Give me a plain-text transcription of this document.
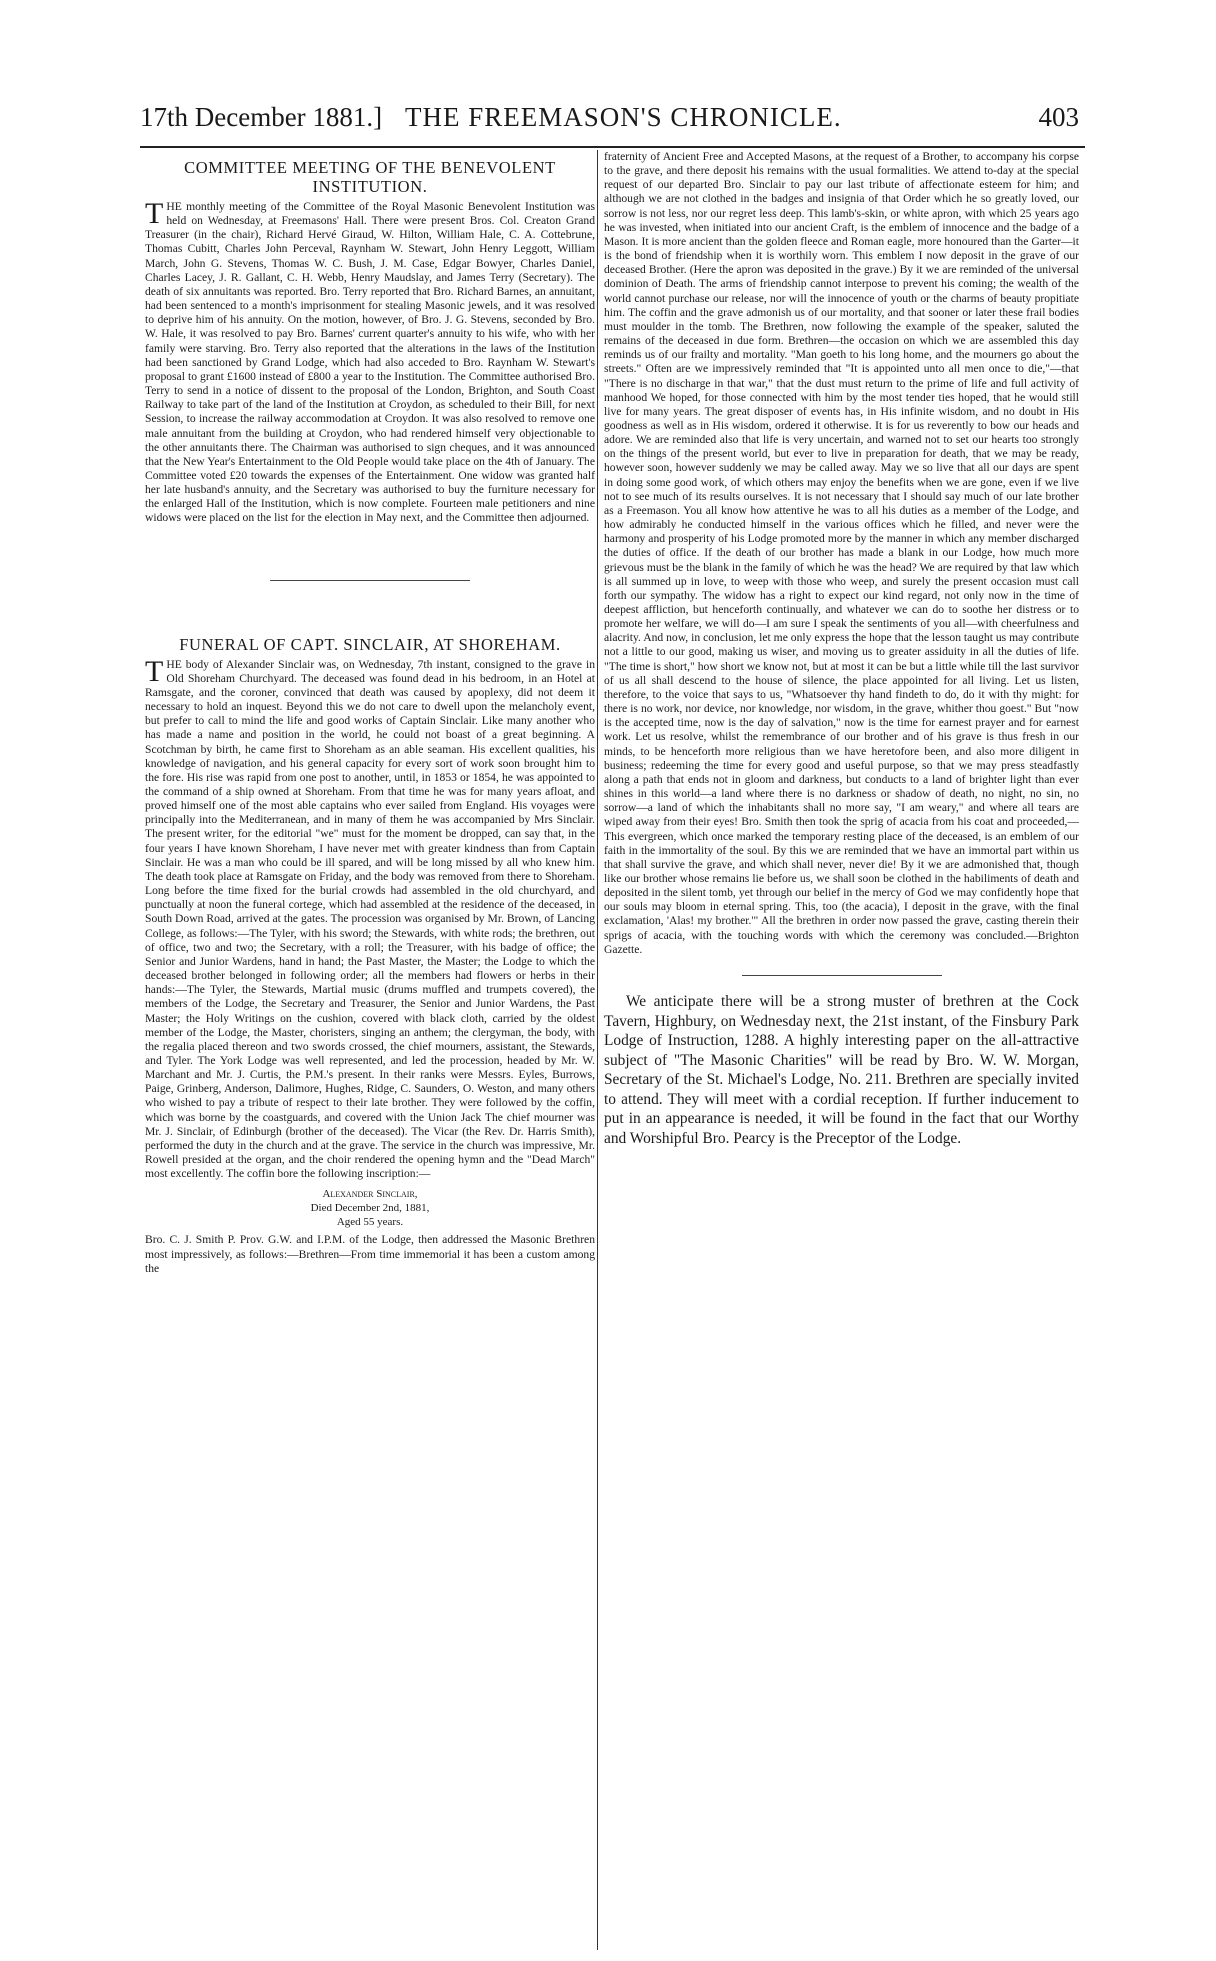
17th December 1881.] THE FREEMASON'S CHRONICLE.	403
COMMITTEE MEETING OF THE BENEVOLENT INSTITUTION.

THE monthly meeting of the Committee of the Royal Masonic Benevolent Institution was held on Wednesday, at Freemasons' Hall. There were present Bros. Col. Creaton Grand Treasurer (in the chair), Richard Hervé Giraud, W. Hilton, William Hale, C. A. Cottebrune, Thomas Cubitt, Charles John Perceval, Raynham W. Stewart, John Henry Leggott, William March, John G. Stevens, Thomas W. C. Bush, J. M. Case, Edgar Bowyer, Charles Daniel, Charles Lacey, J. R. Gallant, C. H. Webb, Henry Maudslay, and James Terry (Secretary). The death of six annuitants was reported. Bro. Terry reported that Bro. Richard Barnes, an annuitant, had been sentenced to a month's imprisonment for stealing Masonic jewels, and it was resolved to deprive him of his annuity. On the motion, however, of Bro. J. G. Stevens, seconded by Bro. W. Hale, it was resolved to pay Bro. Barnes' current quarter's annuity to his wife, who with her family were starving. Bro. Terry also reported that the alterations in the laws of the Institution had been sanctioned by Grand Lodge, which had also acceded to Bro. Raynham W. Stewart's proposal to grant £1600 instead of £800 a year to the Institution. The Committee authorised Bro. Terry to send in a notice of dissent to the proposal of the London, Brighton, and South Coast Railway to take part of the land of the Institution at Croydon, as scheduled to their Bill, for next Session, to increase the railway accommodation at Croydon. It was also resolved to remove one male annuitant from the building at Croydon, who had rendered himself very objectionable to the other annuitants there. The Chairman was authorised to sign cheques, and it was announced that the New Year's Entertainment to the Old People would take place on the 4th of January. The Committee voted £20 towards the expenses of the Entertainment. One widow was granted half her late husband's annuity, and the Secretary was authorised to buy the furniture necessary for the enlarged Hall of the Institution, which is now complete. Fourteen male petitioners and nine widows were placed on the list for the election in May next, and the Committee then adjourned.

FUNERAL OF CAPT. SINCLAIR, AT SHOREHAM.

THE body of Alexander Sinclair was, on Wednesday, 7th instant, consigned to the grave in Old Shoreham Churchyard. The deceased was found dead in his bedroom, in an Hotel at Ramsgate, and the coroner, convinced that death was caused by apoplexy, did not deem it necessary to hold an inquest. Beyond this we do not care to dwell upon the melancholy event, but prefer to call to mind the life and good works of Captain Sinclair. Like many another who has made a name and position in the world, he could not boast of a great beginning. A Scotchman by birth, he came first to Shoreham as an able seaman. His excellent qualities, his knowledge of navigation, and his general capacity for every sort of work soon brought him to the fore. His rise was rapid from one post to another, until, in 1853 or 1854, he was appointed to the command of a ship owned at Shoreham. From that time he was for many years afloat, and proved himself one of the most able captains who ever sailed from England. His voyages were principally into the Mediterranean, and in many of them he was accompanied by Mrs Sinclair. The present writer, for the editorial "we" must for the moment be dropped, can say that, in the four years I have known Shoreham, I have never met with greater kindness than from Captain Sinclair. He was a man who could be ill spared, and will be long missed by all who knew him. The death took place at Ramsgate on Friday, and the body was removed from there to Shoreham. Long before the time fixed for the burial crowds had assembled in the old churchyard, and punctually at noon the funeral cortege, which had assembled at the residence of the deceased, in South Down Road, arrived at the gates. The procession was organised by Mr. Brown, of Lancing College, as follows:—The Tyler, with his sword; the Stewards, with white rods; the brethren, out of office, two and two; the Secretary, with a roll; the Treasurer, with his badge of office; the Senior and Junior Wardens, hand in hand; the Past Master, the Master; the Lodge to which the deceased brother belonged in following order; all the members had flowers or herbs in their hands:—The Tyler, the Stewards, Martial music (drums muffled and trumpets covered), the members of the Lodge, the Secretary and Treasurer, the Senior and Junior Wardens, the Past Master; the Holy Writings on the cushion, covered with black cloth, carried by the oldest member of the Lodge, the Master, choristers, singing an anthem; the clergyman, the body, with the regalia placed thereon and two swords crossed, the chief mourners, assistant, the Stewards, and Tyler. The York Lodge was well represented, and led the procession, headed by Mr. W. Marchant and Mr. J. Curtis, the P.M.'s present. In their ranks were Messrs. Eyles, Burrows, Paige, Grinberg, Anderson, Dalimore, Hughes, Ridge, C. Saunders, O. Weston, and many others who wished to pay a tribute of respect to their late brother. They were followed by the coffin, which was borne by the coastguards, and covered with the Union Jack The chief mourner was Mr. J. Sinclair, of Edinburgh (brother of the deceased). The Vicar (the Rev. Dr. Harris Smith), performed the duty in the church and at the grave. The service in the church was impressive, Mr. Rowell presided at the organ, and the choir rendered the opening hymn and the "Dead March" most excellently. The coffin bore the following inscription:—

Alexander Sinclair,
Died December 2nd, 1881,
Aged 55 years.

Bro. C. J. Smith P. Prov. G.W. and I.P.M. of the Lodge, then addressed the Masonic Brethren most impressively, as follows:—Brethren—From time immemorial it has been a custom among the

fraternity of Ancient Free and Accepted Masons, at the request of a Brother, to accompany his corpse to the grave, and there deposit his remains with the usual formalities. We attend to-day at the special request of our departed Bro. Sinclair to pay our last tribute of affectionate esteem for him; and although we are not clothed in the badges and insignia of that Order which he so greatly loved, our sorrow is not less, nor our regret less deep. This lamb's-skin, or white apron, with which 25 years ago he was invested, when initiated into our ancient Craft, is the emblem of innocence and the badge of a Mason. It is more ancient than the golden fleece and Roman eagle, more honoured than the Garter—it is the bond of friendship when it is worthily worn. This emblem I now deposit in the grave of our deceased Brother. (Here the apron was deposited in the grave.) By it we are reminded of the universal dominion of Death. The arms of friendship cannot interpose to prevent his coming; the wealth of the world cannot purchase our release, nor will the innocence of youth or the charms of beauty propitiate him. The coffin and the grave admonish us of our mortality, and that sooner or later these frail bodies must moulder in the tomb. The Brethren, now following the example of the speaker, saluted the remains of the deceased in due form. Brethren—the occasion on which we are assembled this day reminds us of our frailty and mortality. "Man goeth to his long home, and the mourners go about the streets." Often are we impressively reminded that "It is appointed unto all men once to die,"—that "There is no discharge in that war," that the dust must return to the prime of life and full activity of manhood We hoped, for those connected with him by the most tender ties hoped, that he would still live for many years. The great disposer of events has, in His infinite wisdom, and no doubt in His goodness as well as in His wisdom, ordered it otherwise. It is for us reverently to bow our heads and adore. We are reminded also that life is very uncertain, and warned not to set our hearts too strongly on the things of the present world, but ever to live in preparation for death, that we may be ready, however soon, however suddenly we may be called away. May we so live that all our days are spent in doing some good work, of which others may enjoy the benefits when we are gone, even if we live not to see much of its results ourselves. It is not necessary that I should say much of our late brother as a Freemason. You all know how attentive he was to all his duties as a member of the Lodge, and how admirably he conducted himself in the various offices which he filled, and never were the harmony and prosperity of his Lodge promoted more by the manner in which any member discharged the duties of office. If the death of our brother has made a blank in our Lodge, how much more grievous must be the blank in the family of which he was the head? We are required by that law which is all summed up in love, to weep with those who weep, and surely the present occasion must call forth our sympathy. The widow has a right to expect our kind regard, not only now in the time of deepest affliction, but henceforth continually, and whatever we can do to soothe her distress or to promote her welfare, we will do—I am sure I speak the sentiments of you all—with cheerfulness and alacrity. And now, in conclusion, let me only express the hope that the lesson taught us may contribute not a little to our good, making us wiser, and moving us to greater assiduity in all the duties of life. "The time is short," how short we know not, but at most it can be but a little while till the last survivor of us all shall descend to the house of silence, the place appointed for all living. Let us listen, therefore, to the voice that says to us, "Whatsoever thy hand findeth to do, do it with thy might: for there is no work, nor device, nor knowledge, nor wisdom, in the grave, whither thou goest." But "now is the accepted time, now is the day of salvation," now is the time for earnest prayer and for earnest work. Let us resolve, whilst the remembrance of our brother and of his grave is thus fresh in our minds, to be henceforth more religious than we have heretofore been, and also more diligent in business; redeeming the time for every good and useful purpose, so that we may press steadfastly along a path that ends not in gloom and darkness, but conducts to a land of brighter light than ever shines in this world—a land where there is no darkness or shadow of death, no night, no sin, no sorrow—a land of which the inhabitants shall no more say, "I am weary," and where all tears are wiped away from their eyes! Bro. Smith then took the sprig of acacia from his coat and proceeded,—This evergreen, which once marked the temporary resting place of the deceased, is an emblem of our faith in the immortality of the soul. By this we are reminded that we have an immortal part within us that shall survive the grave, and which shall never, never die! By it we are admonished that, though like our brother whose remains lie before us, we shall soon be clothed in the habiliments of death and deposited in the silent tomb, yet through our belief in the mercy of God we may confidently hope that our souls may bloom in eternal spring. This, too (the acacia), I deposit in the grave, with the final exclamation, 'Alas! my brother.'" All the brethren in order now passed the grave, casting therein their sprigs of acacia, with the touching words with which the ceremony was concluded.—Brighton Gazette.

We anticipate there will be a strong muster of brethren at the Cock Tavern, Highbury, on Wednesday next, the 21st instant, of the Finsbury Park Lodge of Instruction, 1288. A highly interesting paper on the all-attractive subject of "The Masonic Charities" will be read by Bro. W. W. Morgan, Secretary of the St. Michael's Lodge, No. 211. Brethren are specially invited to attend. They will meet with a cordial reception. If further inducement to put in an appearance is needed, it will be found in the fact that our Worthy and Worshipful Bro. Pearcy is the Preceptor of the Lodge.
